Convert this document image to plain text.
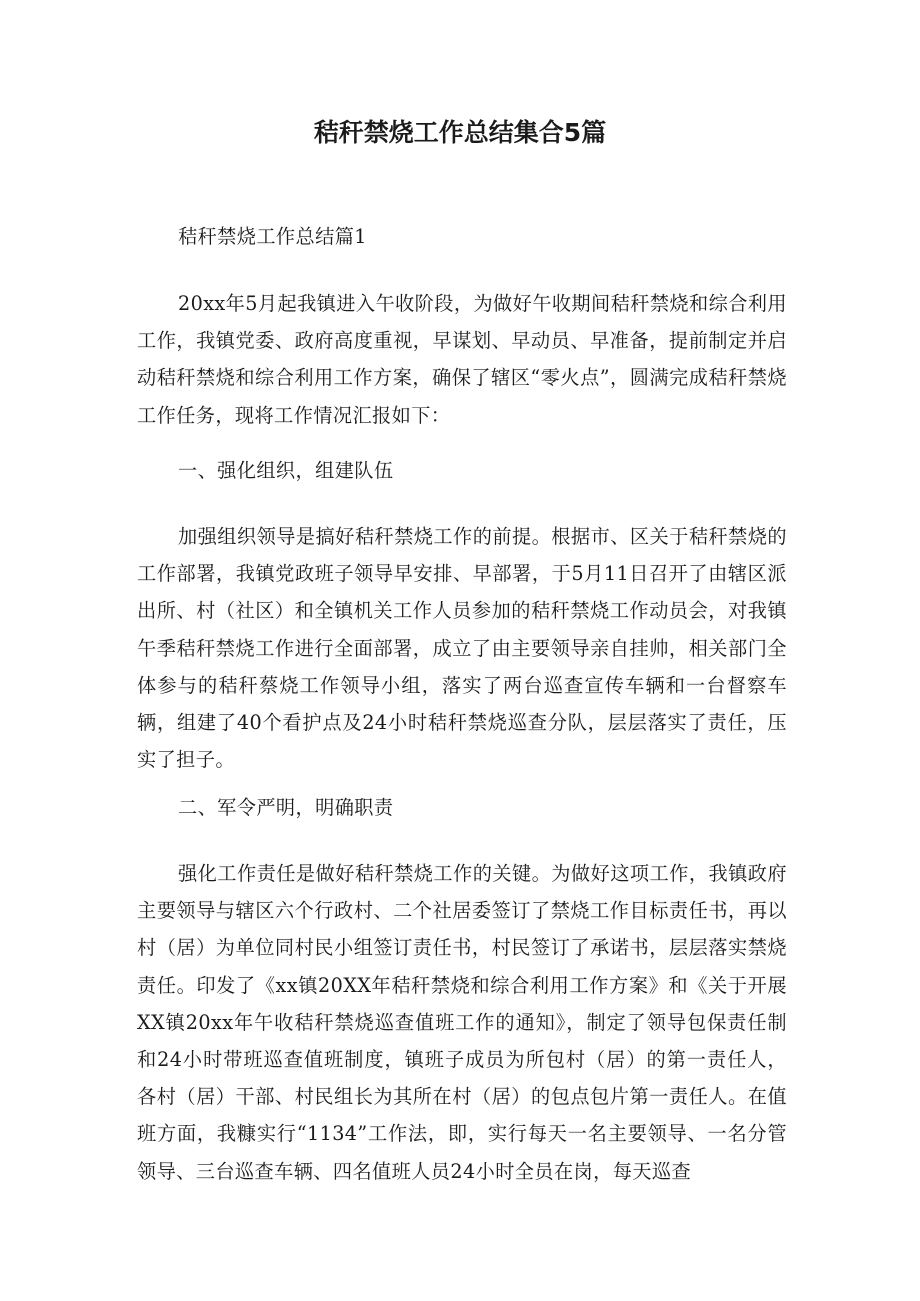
秸秆禁烧工作总结集合5篇

秸秆禁烧工作总结篇1

20xx年5月起我镇进入午收阶段，为做好午收期间秸秆禁烧和综合利用工作，我镇党委、政府高度重视，早谋划、早动员、早准备，提前制定并启动秸秆禁烧和综合利用工作方案，确保了辖区“零火点”，圆满完成秸秆禁烧工作任务，现将工作情况汇报如下：

一、强化组织，组建队伍

加强组织领导是搞好秸秆禁烧工作的前提。根据市、区关于秸秆禁烧的工作部署，我镇党政班子领导早安排、早部署，于5月11日召开了由辖区派出所、村（社区）和全镇机关工作人员参加的秸秆禁烧工作动员会，对我镇午季秸秆禁烧工作进行全面部署，成立了由主要领导亲自挂帅，相关部门全体参与的秸秆蔡烧工作领导小组，落实了两台巡查宣传车辆和一台督察车辆，组建了40个看护点及24小时秸秆禁烧巡查分队，层层落实了责任，压实了担子。

二、军令严明，明确职责

强化工作责任是做好秸秆禁烧工作的关键。为做好这项工作，我镇政府主要领导与辖区六个行政村、二个社居委签订了禁烧工作目标责任书，再以村（居）为单位同村民小组签订责任书，村民签订了承诺书，层层落实禁烧责任。印发了《xx镇20XX年秸秆禁烧和综合利用工作方案》和《关于开展XX镇20xx年午收秸秆禁烧巡查值班工作的通知》，制定了领导包保责任制和24小时带班巡查值班制度，镇班子成员为所包村（居）的第一责任人，各村（居）干部、村民组长为其所在村（居）的包点包片第一责任人。在值班方面，我糠实行“1134”工作法，即，实行每天一名主要领导、一名分管领导、三台巡查车辆、四名值班人员24小时全员在岗，每天巡查
